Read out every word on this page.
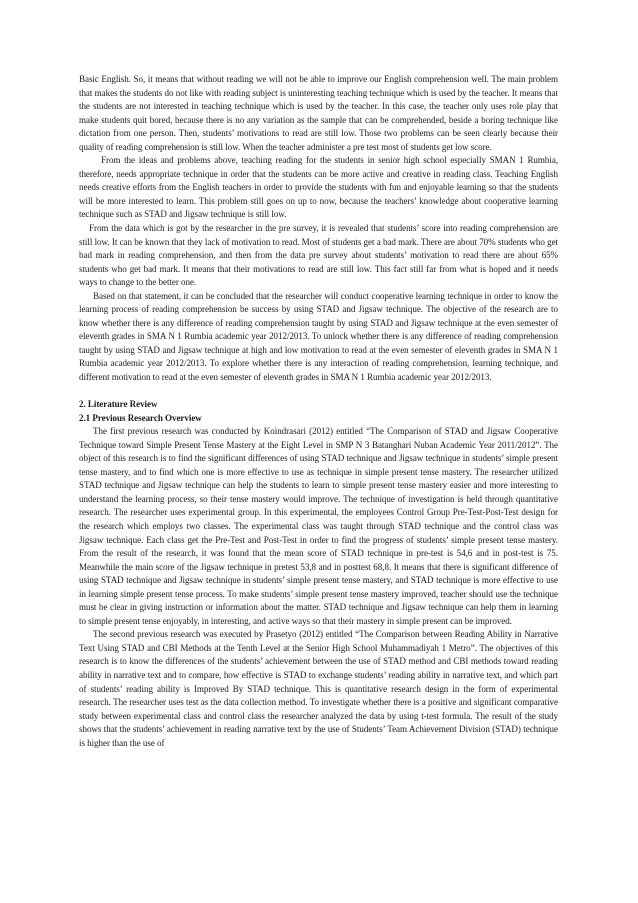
Basic English. So, it means that without reading we will not be able to improve our English comprehension well. The main problem that makes the students do not like with reading subject is uninteresting teaching technique which is used by the teacher. It means that the students are not interested in teaching technique which is used by the teacher. In this case, the teacher only uses role play that make students quit bored, because there is no any variation as the sample that can be comprehended, beside a boring technique like dictation from one person. Then, students’ motivations to read are still low. Those two problems can be seen clearly because their quality of reading comprehension is still low. When the teacher administer a pre test most of students get low score.

From the ideas and problems above, teaching reading for the students in senior high school especially SMAN 1 Rumbia, therefore, needs appropriate technique in order that the students can be more active and creative in reading class. Teaching English needs creative efforts from the English teachers in order to provide the students with fun and enjoyable learning so that the students will be more interested to learn. This problem still goes on up to now, because the teachers’ knowledge about cooperative learning technique such as STAD and Jigsaw technique is still low.

From the data which is got by the researcher in the pre survey, it is revealed that students’ score into reading comprehension are still low. It can be known that they lack of motivation to read. Most of students get a bad mark. There are about 70% students who get bad mark in reading comprehension, and then from the data pre survey about students’ motivation to read there are about 65% students who get bad mark. It means that their motivations to read are still low. This fact still far from what is hoped and it needs ways to change to the better one.

Based on that statement, it can be concluded that the researcher will conduct cooperative learning technique in order to know the learning process of reading comprehension be success by using STAD and Jigsaw technique. The objective of the research are to know whether there is any difference of reading comprehension taught by using STAD and Jigsaw technique at the even semester of eleventh grades in SMA N 1 Rumbia academic year 2012/2013. To unlock whether there is any difference of reading comprehension taught by using STAD and Jigsaw technique at high and low motivation to read at the even semester of eleventh grades in SMA N 1 Rumbia academic year 2012/2013. To explore whether there is any interaction of reading comprehension, learning technique, and different motivation to read at the even semester of eleventh grades in SMA N 1 Rumbia academic year 2012/2013.

2. Literature Review

2.1 Previous Research Overview

The first previous research was conducted by Koindrasari (2012) entitled “The Comparison of STAD and Jigsaw Cooperative Technique toward Simple Present Tense Mastery at the Eight Level in SMP N 3 Batanghari Nuban Academic Year 2011/2012”. The object of this research is to find the significant differences of using STAD technique and Jigsaw technique in students’ simple present tense mastery, and to find which one is more effective to use as technique in simple present tense mastery. The researcher utilized STAD technique and Jigsaw technique can help the students to learn to simple present tense mastery easier and more interesting to understand the learning process, so their tense mastery would improve. The technique of investigation is held through quantitative research. The researcher uses experimental group. In this experimental, the employees Control Group Pre-Test-Post-Test design for the research which employs two classes. The experimental class was taught through STAD technique and the control class was Jigsaw technique. Each class get the Pre-Test and Post-Test in order to find the progress of students’ simple present tense mastery. From the result of the research, it was found that the mean score of STAD technique in pre-test is 54,6 and in post-test is 75. Meanwhile the main score of the Jigsaw technique in pretest 53,8 and in posttest 68,8. It means that there is significant difference of using STAD technique and Jigsaw technique in students’ simple present tense mastery, and STAD technique is more effective to use in learning simple present tense process. To make students’ simple present tense mastery improved, teacher should use the technique must be clear in giving instruction or information about the matter. STAD technique and Jigsaw technique can help them in learning to simple present tense enjoyably, in interesting, and active ways so that their mastery in simple present can be improved.

The second previous research was executed by Prasetyo (2012) entitled “The Comparison between Reading Ability in Narrative Text Using STAD and CBI Methods at the Tenth Level at the Senior High School Muhammadiyah 1 Metro”. The objectives of this research is to know the differences of the students’ achievement between the use of STAD method and CBI methods toward reading ability in narrative text and to compare, how effective is STAD to exchange students’ reading ability in narrative text, and which part of students’ reading ability is Improved By STAD technique. This is quantitative research design in the form of experimental research. The researcher uses test as the data collection method. To investigate whether there is a positive and significant comparative study between experimental class and control class the researcher analyzed the data by using t-test formula. The result of the study shows that the students’ achievement in reading narrative text by the use of Students’ Team Achievement Division (STAD) technique is higher than the use of
